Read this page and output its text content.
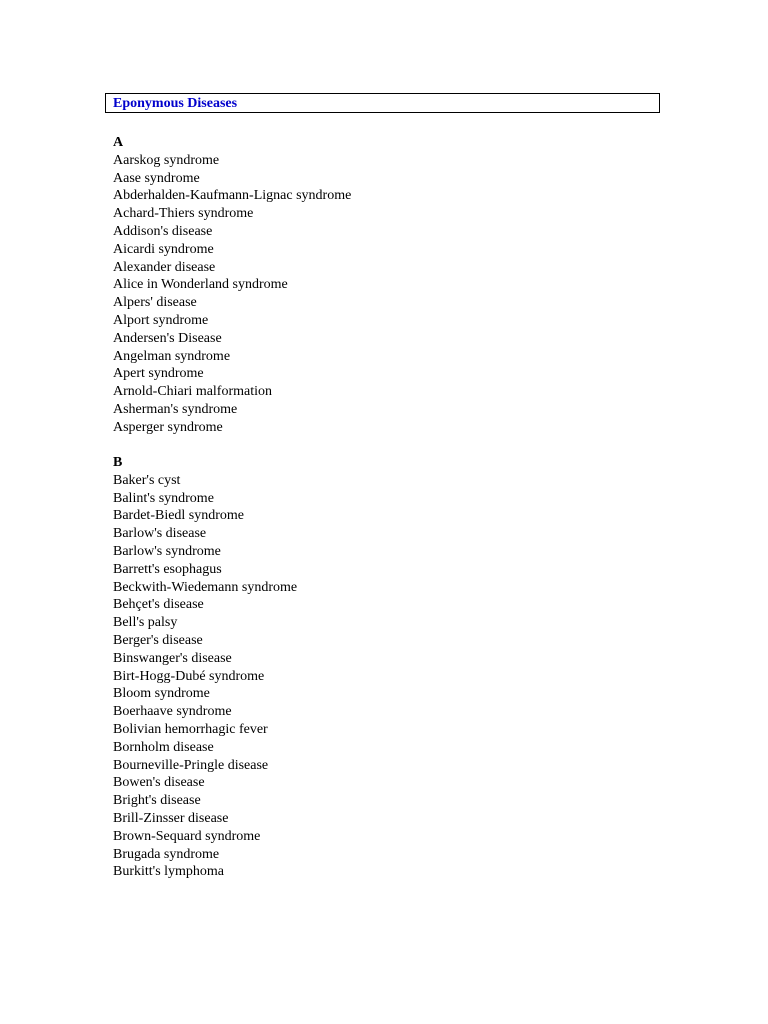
Eponymous Diseases
A
Aarskog syndrome
Aase syndrome
Abderhalden-Kaufmann-Lignac syndrome
Achard-Thiers syndrome
Addison's disease
Aicardi syndrome
Alexander disease
Alice in Wonderland syndrome
Alpers' disease
Alport syndrome
Andersen's Disease
Angelman syndrome
Apert syndrome
Arnold-Chiari malformation
Asherman's syndrome
Asperger syndrome
B
Baker's cyst
Balint's syndrome
Bardet-Biedl syndrome
Barlow's disease
Barlow's syndrome
Barrett's esophagus
Beckwith-Wiedemann syndrome
Behçet's disease
Bell's palsy
Berger's disease
Binswanger's disease
Birt-Hogg-Dubé syndrome
Bloom syndrome
Boerhaave syndrome
Bolivian hemorrhagic fever
Bornholm disease
Bourneville-Pringle disease
Bowen's disease
Bright's disease
Brill-Zinsser disease
Brown-Sequard syndrome
Brugada syndrome
Burkitt's lymphoma
